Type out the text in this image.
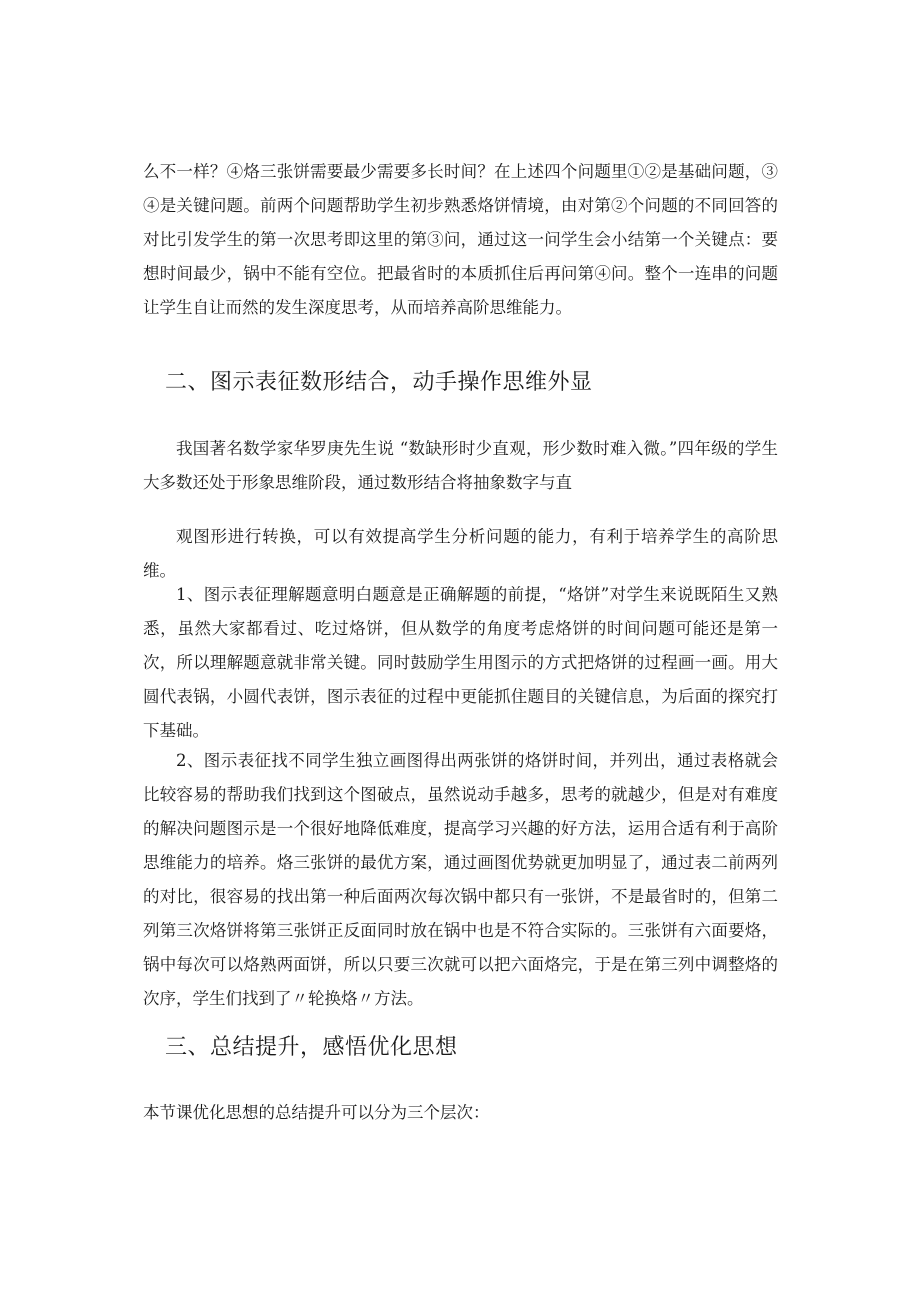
么不一样？④烙三张饼需要最少需要多长时间？在上述四个问题里①②是基础问题，③④是关键问题。前两个问题帮助学生初步熟悉烙饼情境，由对第②个问题的不同回答的对比引发学生的第一次思考即这里的第③问，通过这一问学生会小结第一个关键点：要想时间最少，锅中不能有空位。把最省时的本质抓住后再问第④问。整个一连串的问题让学生自让而然的发生深度思考，从而培养高阶思维能力。

二、图示表征数形结合，动手操作思维外显

我国著名数学家华罗庚先生说 “数缺形时少直观，形少数时难入微。”四年级的学生大多数还处于形象思维阶段，通过数形结合将抽象数字与直

观图形进行转换，可以有效提高学生分析问题的能力，有利于培养学生的高阶思维。

1、图示表征理解题意明白题意是正确解题的前提，“烙饼”对学生来说既陌生又熟悉，虽然大家都看过、吃过烙饼，但从数学的角度考虑烙饼的时间问题可能还是第一次，所以理解题意就非常关键。同时鼓励学生用图示的方式把烙饼的过程画一画。用大圆代表锅，小圆代表饼，图示表征的过程中更能抓住题目的关键信息，为后面的探究打下基础。

2、图示表征找不同学生独立画图得出两张饼的烙饼时间，并列出，通过表格就会比较容易的帮助我们找到这个图破点，虽然说动手越多，思考的就越少，但是对有难度的解决问题图示是一个很好地降低难度，提高学习兴趣的好方法，运用合适有利于高阶思维能力的培养。烙三张饼的最优方案，通过画图优势就更加明显了，通过表二前两列的对比，很容易的找出第一种后面两次每次锅中都只有一张饼，不是最省时的，但第二列第三次烙饼将第三张饼正反面同时放在锅中也是不符合实际的。三张饼有六面要烙，锅中每次可以烙熟两面饼，所以只要三次就可以把六面烙完，于是在第三列中调整烙的次序，学生们找到了〃轮换烙〃方法。

三、总结提升，感悟优化思想

本节课优化思想的总结提升可以分为三个层次：
